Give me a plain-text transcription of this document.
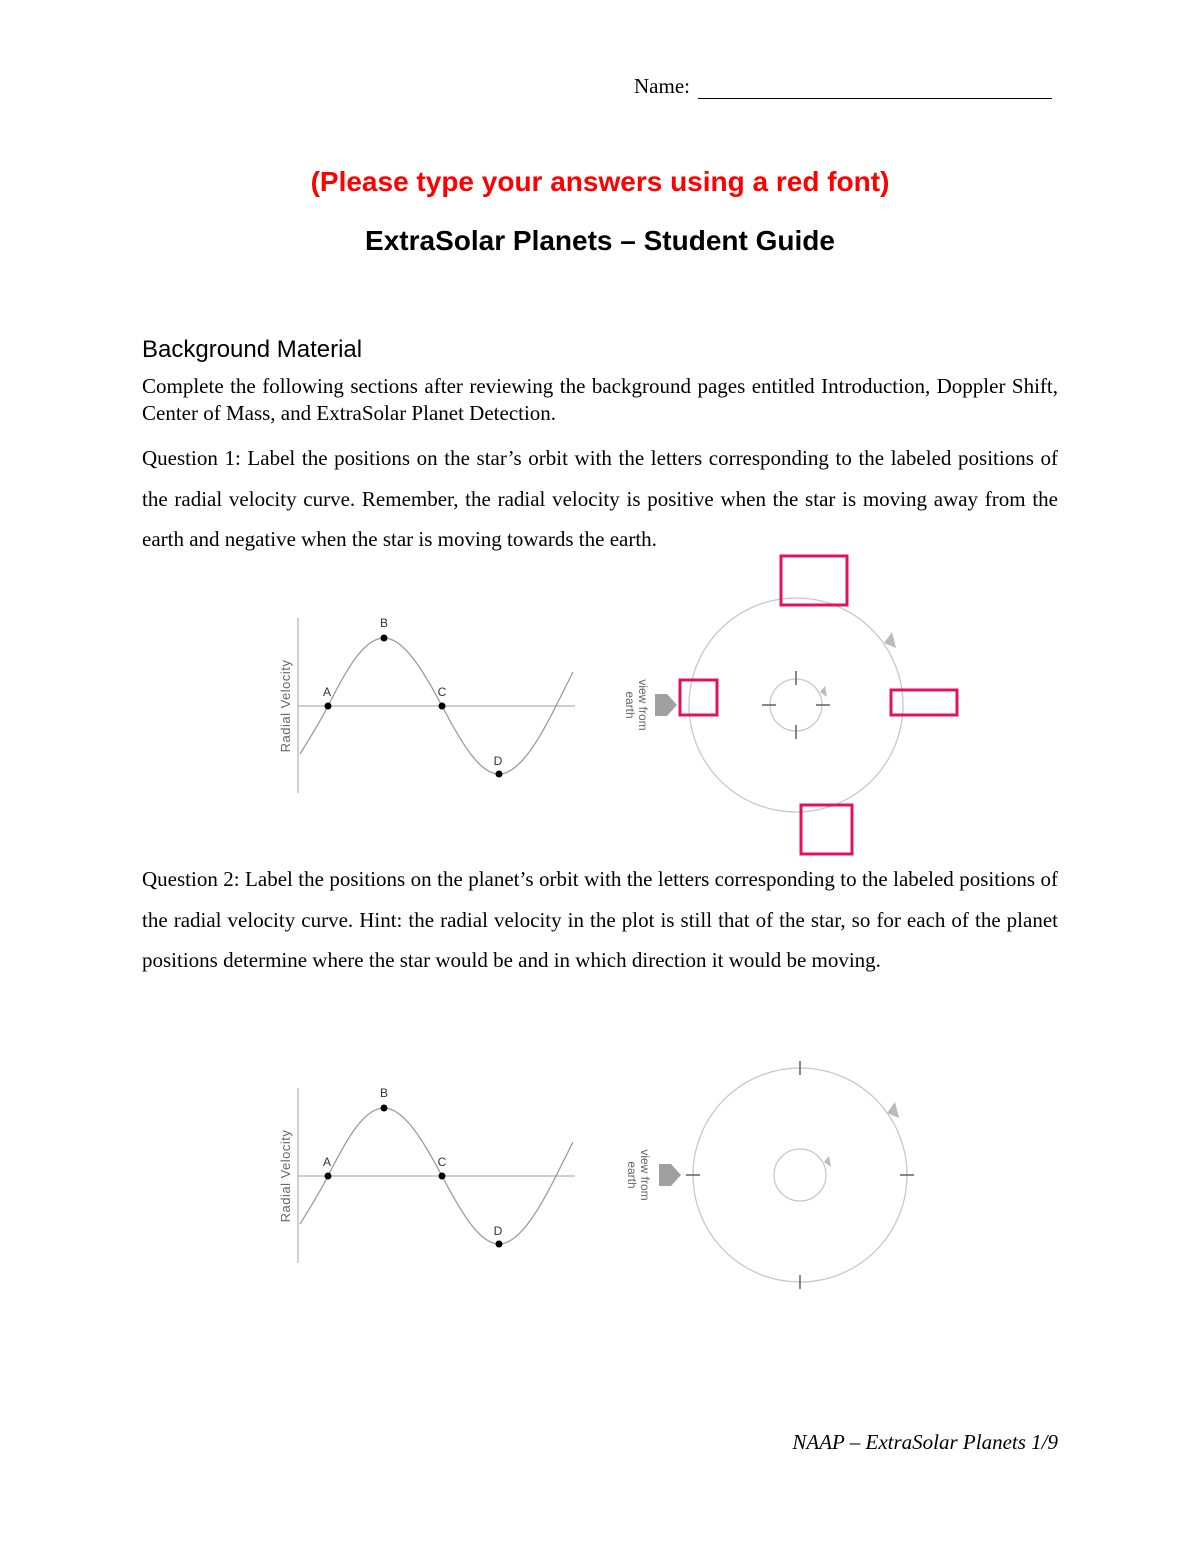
Name:
(Please type your answers using a red font)
ExtraSolar Planets – Student Guide
Background Material

Complete the following sections after reviewing the background pages entitled Introduction, Doppler Shift, Center of Mass, and ExtraSolar Planet Detection.

Question 1: Label the positions on the star’s orbit with the letters corresponding to the labeled positions of the radial velocity curve. Remember, the radial velocity is positive when the star is moving away from the earth and negative when the star is moving towards the earth.

Radial Velocity A
B
C
D
view from
earth

Question 2: Label the positions on the planet’s orbit with the letters corresponding to the labeled positions of the radial velocity curve. Hint: the radial velocity in the plot is still that of the star, so for each of the planet positions determine where the star would be and in which direction it would be moving.

Radial Velocity A
B
C
D
view from
earth
NAAP – ExtraSolar Planets 1/9
